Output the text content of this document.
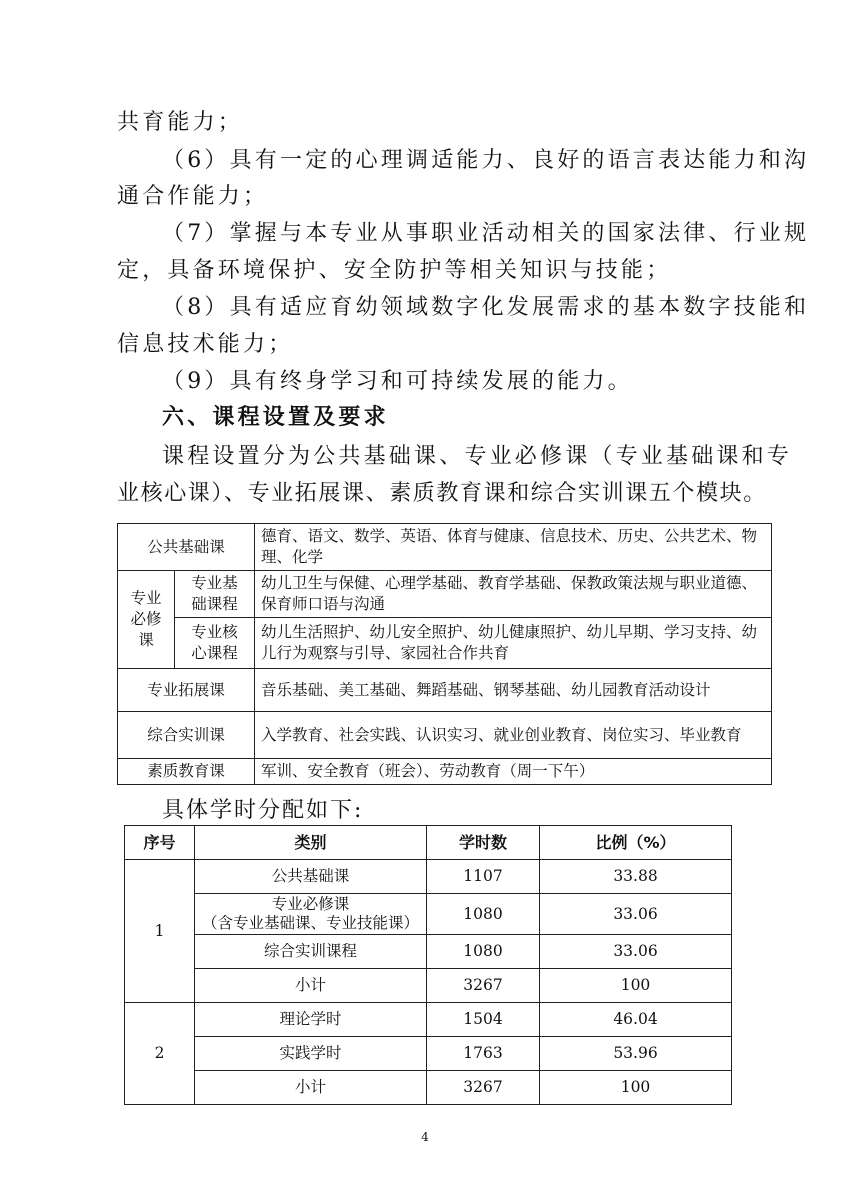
共育能力；
（6）具有一定的心理调适能力、良好的语言表达能力和沟
通合作能力；
（7）掌握与本专业从事职业活动相关的国家法律、行业规
定，具备环境保护、安全防护等相关知识与技能；
（8）具有适应育幼领域数字化发展需求的基本数字技能和
信息技术能力；
（9）具有终身学习和可持续发展的能力。
六、课程设置及要求
课程设置分为公共基础课、专业必修课（专业基础课和专
业核心课）、专业拓展课、素质教育课和综合实训课五个模块。
公共基础课		德育、语文、数学、英语、体育与健康、信息技术、历史、公共艺术、物理、化学
专业必修课	专业基础课程	幼儿卫生与保健、心理学基础、教育学基础、保教政策法规与职业道德、保育师口语与沟通
	专业核心课程	幼儿生活照护、幼儿安全照护、幼儿健康照护、幼儿早期、学习支持、幼儿行为观察与引导、家园社合作共育
专业拓展课		音乐基础、美工基础、舞蹈基础、钢琴基础、幼儿园教育活动设计
综合实训课		入学教育、社会实践、认识实习、就业创业教育、岗位实习、毕业教育
素质教育课		军训、安全教育（班会）、劳动教育（周一下午）
具体学时分配如下:
序号	类别	学时数	比例（%）
1	公共基础课	1107	33.88

	专业必修课
（含专业基础课、专业技能课）	1080	33.06
	综合实训课程	1080	33.06
	小计	3267	100
2	理论学时	1504	46.04
	实践学时	1763	53.96
	小计	3267	100
4
